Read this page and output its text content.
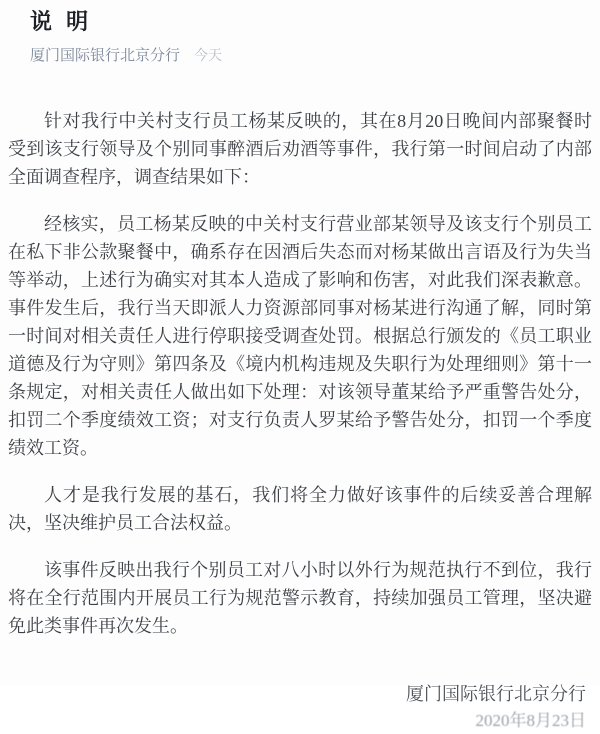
说 明
厦门国际银行北京分行 今天

针对我行中关村支行员工杨某反映的，其在8月20日晚间内部聚餐时受到该支行领导及个别同事醉酒后劝酒等事件，我行第一时间启动了内部全面调查程序，调查结果如下：

经核实，员工杨某反映的中关村支行营业部某领导及该支行个别员工在私下非公款聚餐中，确系存在因酒后失态而对杨某做出言语及行为失当等举动，上述行为确实对其本人造成了影响和伤害，对此我们深表歉意。事件发生后，我行当天即派人力资源部同事对杨某进行沟通了解，同时第一时间对相关责任人进行停职接受调查处罚。根据总行颁发的《员工职业道德及行为守则》第四条及《境内机构违规及失职行为处理细则》第十一条规定，对相关责任人做出如下处理：对该领导董某给予严重警告处分，扣罚二个季度绩效工资；对支行负责人罗某给予警告处分，扣罚一个季度绩效工资。

人才是我行发展的基石，我们将全力做好该事件的后续妥善合理解决，坚决维护员工合法权益。

该事件反映出我行个别员工对八小时以外行为规范执行不到位，我行将在全行范围内开展员工行为规范警示教育，持续加强员工管理，坚决避免此类事件再次发生。

厦门国际银行北京分行
2020年8月23日
